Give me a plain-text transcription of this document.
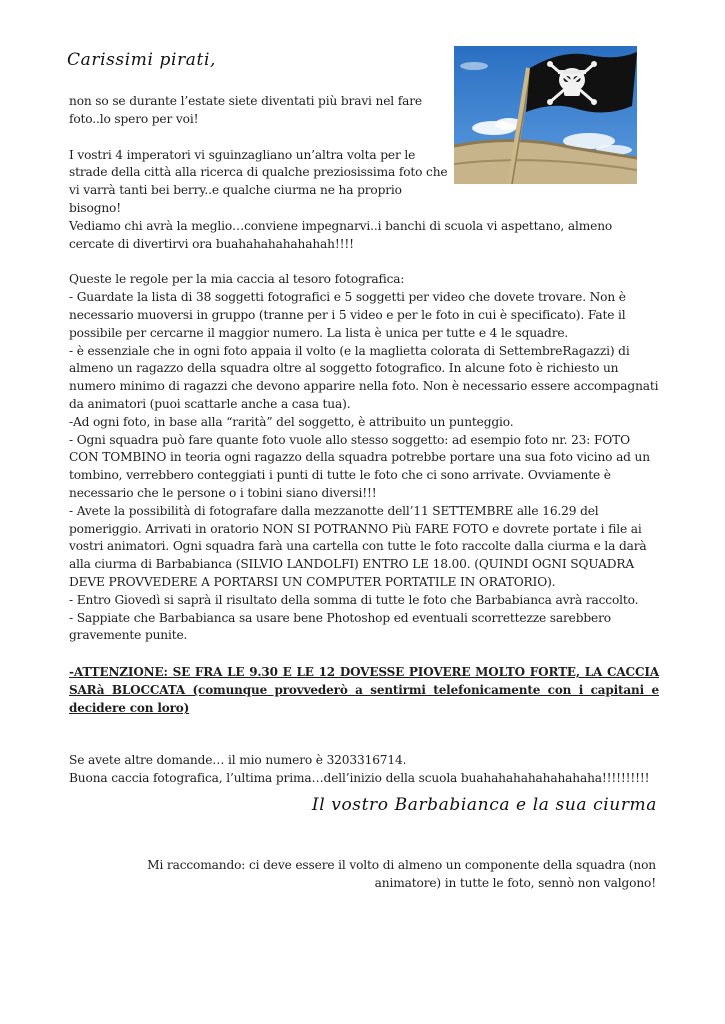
Carissimi pirati,

non so se durante l’estate siete diventati più bravi nel fare foto..lo spero per voi!

I vostri 4 imperatori vi sguinzagliano un’altra volta per le strade della città alla ricerca di qualche preziosissima foto che vi varrà tanti bei berry..e qualche ciurma ne ha proprio bisogno!
Vediamo chi avrà la meglio…conviene impegnarvi..i banchi di scuola vi aspettano, almeno cercate di divertirvi ora buahahahahahahah!!!!

Queste le regole per la mia caccia al tesoro fotografica:

- Guardate la lista di 38 soggetti fotografici e 5 soggetti per video che dovete trovare. Non è necessario muoversi in gruppo (tranne per i 5 video e per le foto in cui è specificato). Fate il possibile per cercarne il maggior numero. La lista è unica per tutte e 4 le squadre.

- è essenziale che in ogni foto appaia il volto (e la maglietta colorata di SettembreRagazzi) di almeno un ragazzo della squadra oltre al soggetto fotografico. In alcune foto è richiesto un numero minimo di ragazzi che devono apparire nella foto. Non è necessario essere accompagnati da animatori (puoi scattarle anche a casa tua).

-Ad ogni foto, in base alla “rarità” del soggetto, è attribuito un punteggio.

- Ogni squadra può fare quante foto vuole allo stesso soggetto: ad esempio foto nr. 23: FOTO CON TOMBINO in teoria ogni ragazzo della squadra potrebbe portare una sua foto vicino ad un tombino, verrebbero conteggiati i punti di tutte le foto che ci sono arrivate. Ovviamente è necessario che le persone o i tobini siano diversi!!!

- Avete la possibilità di fotografare dalla mezzanotte dell’11 SETTEMBRE alle 16.29 del pomeriggio. Arrivati in oratorio NON SI POTRANNO Più FARE FOTO e dovrete portate i file ai vostri animatori. Ogni squadra farà una cartella con tutte le foto raccolte dalla ciurma e la darà alla ciurma di Barbabianca (SILVIO LANDOLFI) ENTRO LE 18.00. (QUINDI OGNI SQUADRA DEVE PROVVEDERE A PORTARSI UN COMPUTER PORTATILE IN ORATORIO).

- Entro Giovedì si saprà il risultato della somma di tutte le foto che Barbabianca avrà raccolto.

- Sappiate che Barbabianca sa usare bene Photoshop ed eventuali scorrettezze sarebbero gravemente punite.

-ATTENZIONE: SE FRA LE 9.30 E LE 12 DOVESSE PIOVERE MOLTO FORTE, LA CACCIA SARà BLOCCATA (comunque provvederò a sentirmi telefonicamente con i capitani e decidere con loro)

Se avete altre domande… il mio numero è 3203316714.

Buona caccia fotografica, l’ultima prima…dell’inizio della scuola buahahahahahahahaha!!!!!!!!!!

Il vostro Barbabianca e la sua ciurma
Mi raccomando: ci deve essere il volto di almeno un componente della squadra (non animatore) in tutte le foto, sennò non valgono!
